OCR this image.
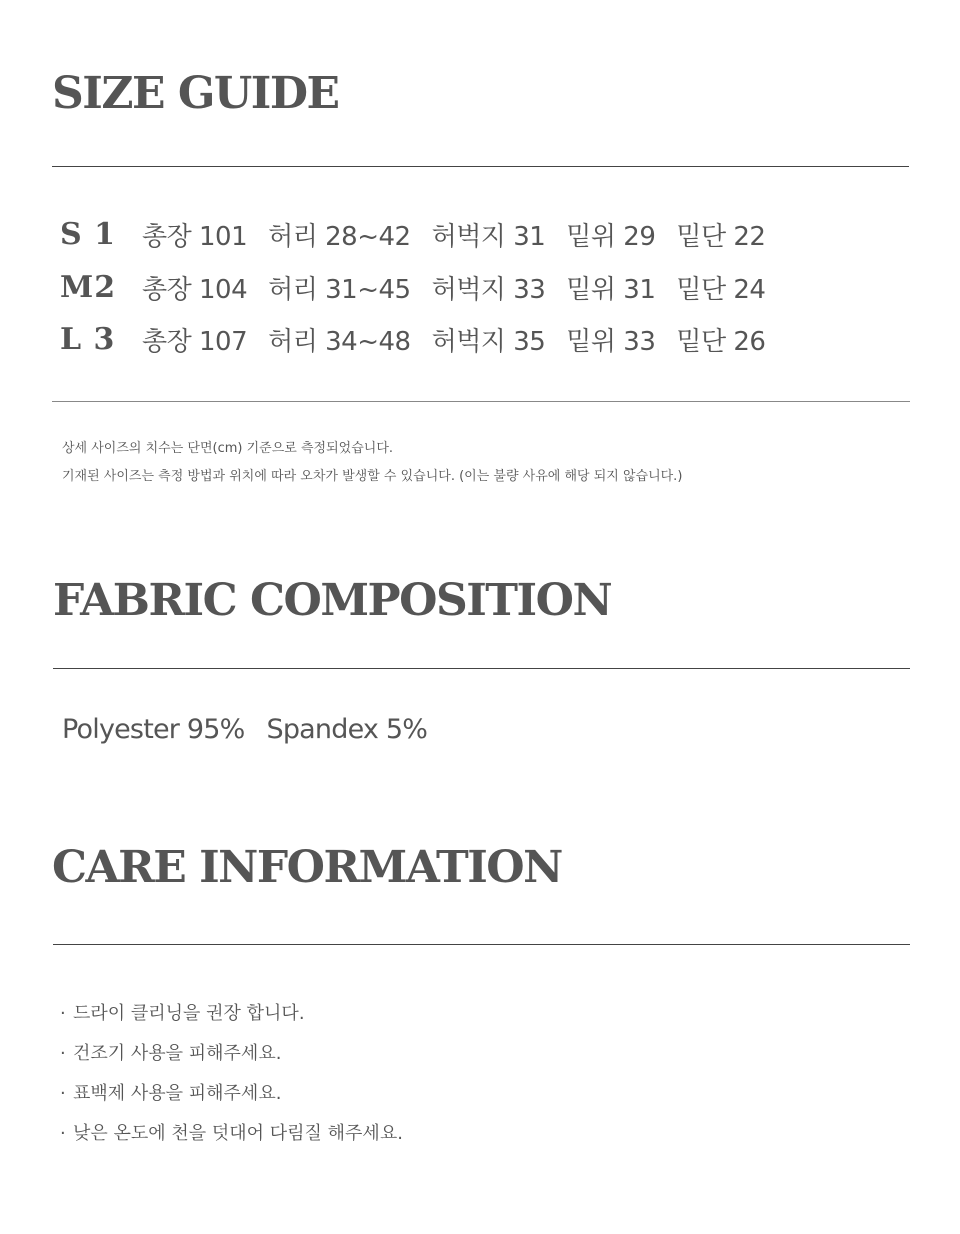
SIZE GUIDE
S 1	총장 101 허리 28~42 허벅지 31 밑위 29 밑단 22
M2 총장 104 허리 31~45 허벅지 33 밑위 31 밑단 24
L 3	총장 107 허리 34~48 허벅지 35 밑위 33 밑단 26

상세 사이즈의 치수는 단면(cm) 기준으로 측정되었습니다.

기재된 사이즈는 측정 방법과 위치에 따라 오차가 발생할 수 있습니다. (이는 불량 사유에 해당 되지 않습니다.)

FABRIC COMPOSITION
Polyester 95% Spandex 5%
CARE INFORMATION
· 드라이 클리닝을 권장 합니다.
· 건조기 사용을 피해주세요.
· 표백제 사용을 피해주세요.
· 낮은 온도에 천을 덧대어 다림질 해주세요.
